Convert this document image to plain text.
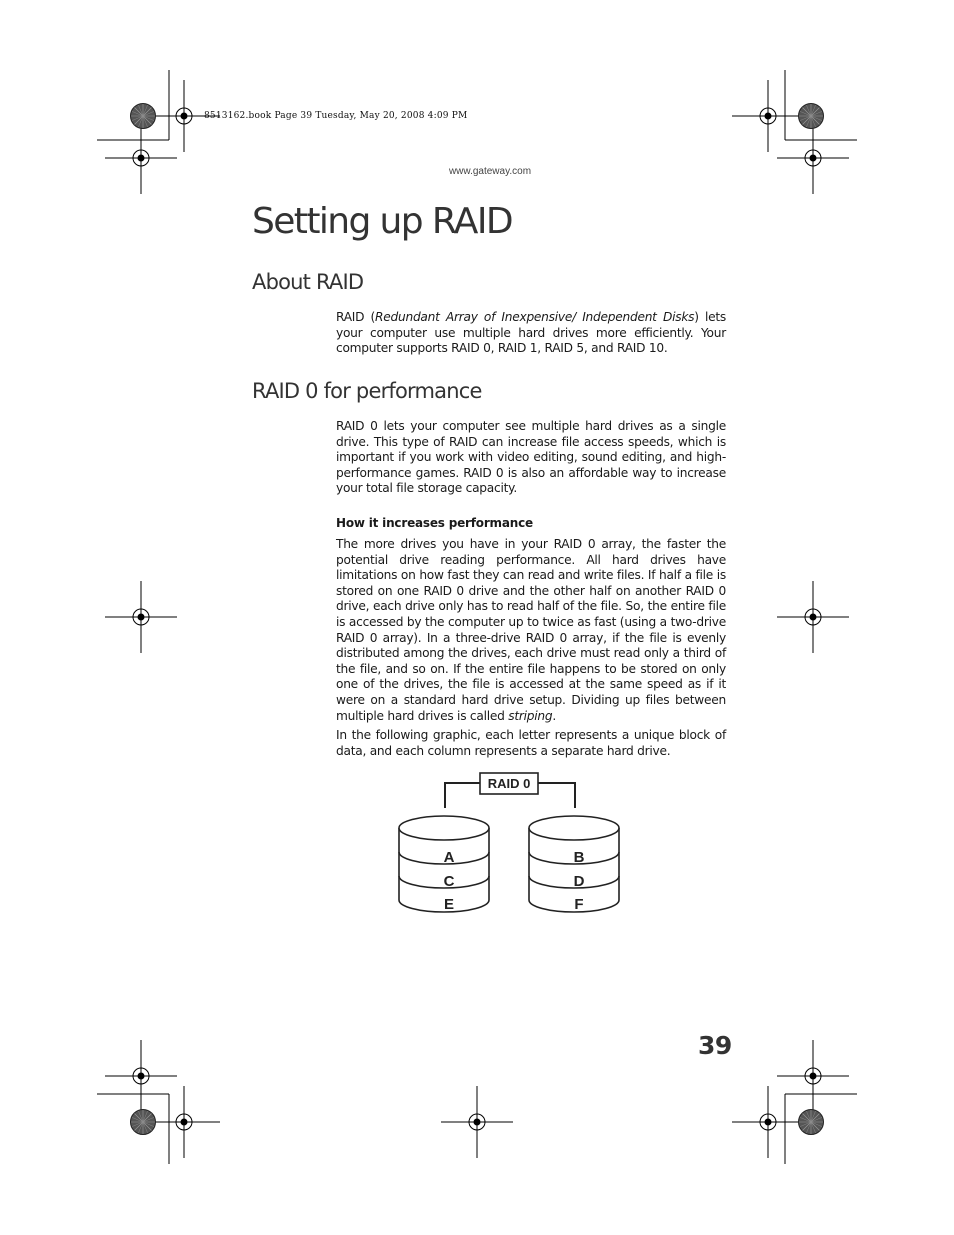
8513162.book Page 39 Tuesday, May 20, 2008 4:09 PM
www.gateway.com
Setting up RAID
About RAID

RAID (Redundant Array of Inexpensive/ Independent Disks) lets your computer use multiple hard drives more efficiently. Your computer supports RAID 0, RAID 1, RAID 5, and RAID 10.

RAID 0 for performance

RAID 0 lets your computer see multiple hard drives as a single drive. This type of RAID can increase file access speeds, which is important if you work with video editing, sound editing, and high-performance games. RAID 0 is also an affordable way to increase your total file storage capacity.

How it increases performance

The more drives you have in your RAID 0 array, the faster the potential drive reading performance. All hard drives have limitations on how fast they can read and write files. If half a file is stored on one RAID 0 drive and the other half on another RAID 0 drive, each drive only has to read half of the file. So, the entire file is accessed by the computer up to twice as fast (using a two-drive RAID 0 array). In a three-drive RAID 0 array, if the file is evenly distributed among the drives, each drive must read only a third of the file, and so on. If the entire file happens to be stored on only one of the drives, the file is accessed at the same speed as if it were on a standard hard drive setup. Dividing up files between multiple hard drives is called striping.

In the following graphic, each letter represents a unique block of data, and each column represents a separate hard drive.

RAID 0
A
C
E
B
D
F
39
